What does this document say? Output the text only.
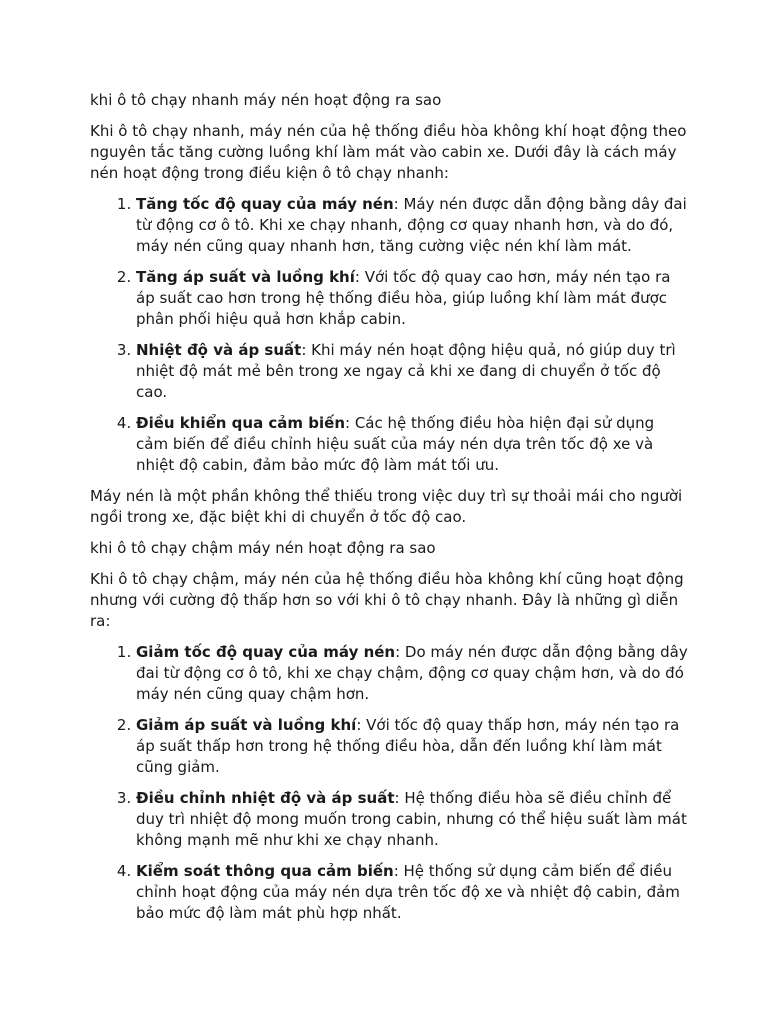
khi ô tô chạy nhanh máy nén hoạt động ra sao

Khi ô tô chạy nhanh, máy nén của hệ thống điều hòa không khí hoạt động theo nguyên tắc tăng cường luồng khí làm mát vào cabin xe. Dưới đây là cách máy nén hoạt động trong điều kiện ô tô chạy nhanh:

1. Tăng tốc độ quay của máy nén: Máy nén được dẫn động bằng dây đai từ động cơ ô tô. Khi xe chạy nhanh, động cơ quay nhanh hơn, và do đó, máy nén cũng quay nhanh hơn, tăng cường việc nén khí làm mát.
2. Tăng áp suất và luồng khí: Với tốc độ quay cao hơn, máy nén tạo ra áp suất cao hơn trong hệ thống điều hòa, giúp luồng khí làm mát được phân phối hiệu quả hơn khắp cabin.
3. Nhiệt độ và áp suất: Khi máy nén hoạt động hiệu quả, nó giúp duy trì nhiệt độ mát mẻ bên trong xe ngay cả khi xe đang di chuyển ở tốc độ cao.
4. Điều khiển qua cảm biến: Các hệ thống điều hòa hiện đại sử dụng cảm biến để điều chỉnh hiệu suất của máy nén dựa trên tốc độ xe và nhiệt độ cabin, đảm bảo mức độ làm mát tối ưu.

Máy nén là một phần không thể thiếu trong việc duy trì sự thoải mái cho người ngồi trong xe, đặc biệt khi di chuyển ở tốc độ cao.

khi ô tô chạy chậm máy nén hoạt động ra sao

Khi ô tô chạy chậm, máy nén của hệ thống điều hòa không khí cũng hoạt động nhưng với cường độ thấp hơn so với khi ô tô chạy nhanh. Đây là những gì diễn ra:

1. Giảm tốc độ quay của máy nén: Do máy nén được dẫn động bằng dây đai từ động cơ ô tô, khi xe chạy chậm, động cơ quay chậm hơn, và do đó máy nén cũng quay chậm hơn.
2. Giảm áp suất và luồng khí: Với tốc độ quay thấp hơn, máy nén tạo ra áp suất thấp hơn trong hệ thống điều hòa, dẫn đến luồng khí làm mát cũng giảm.
3. Điều chỉnh nhiệt độ và áp suất: Hệ thống điều hòa sẽ điều chỉnh để duy trì nhiệt độ mong muốn trong cabin, nhưng có thể hiệu suất làm mát không mạnh mẽ như khi xe chạy nhanh.
4. Kiểm soát thông qua cảm biến: Hệ thống sử dụng cảm biến để điều chỉnh hoạt động của máy nén dựa trên tốc độ xe và nhiệt độ cabin, đảm bảo mức độ làm mát phù hợp nhất.
